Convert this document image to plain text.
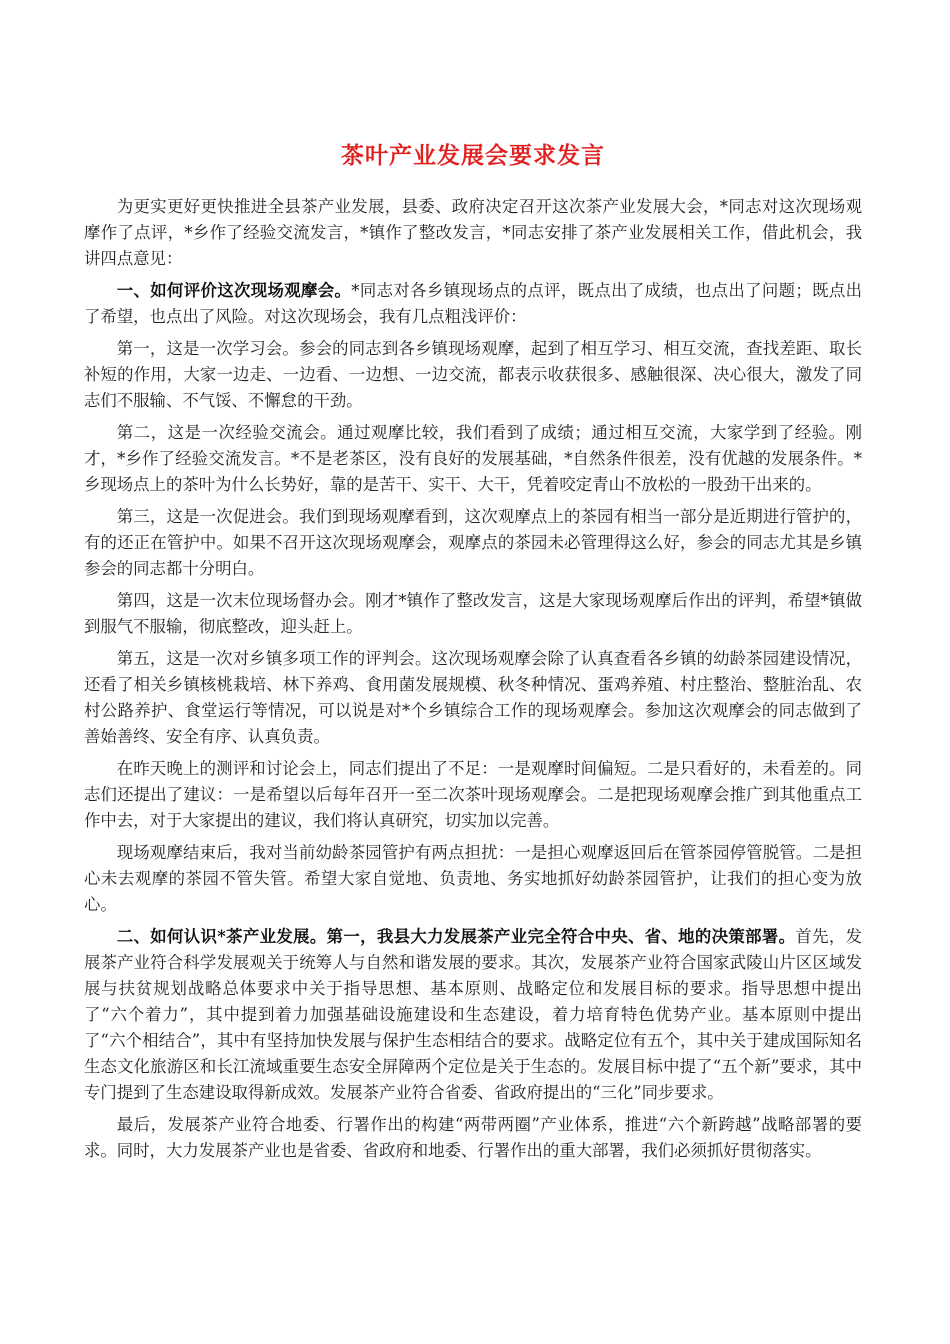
茶叶产业发展会要求发言

为更实更好更快推进全县茶产业发展，县委、政府决定召开这次茶产业发展大会，*同志对这次现场观摩作了点评，*乡作了经验交流发言，*镇作了整改发言，*同志安排了茶产业发展相关工作，借此机会，我讲四点意见：

一、如何评价这次现场观摩会。*同志对各乡镇现场点的点评，既点出了成绩，也点出了问题；既点出了希望，也点出了风险。对这次现场会，我有几点粗浅评价：

第一，这是一次学习会。参会的同志到各乡镇现场观摩，起到了相互学习、相互交流，查找差距、取长补短的作用，大家一边走、一边看、一边想、一边交流，都表示收获很多、感触很深、决心很大，激发了同志们不服输、不气馁、不懈怠的干劲。

第二，这是一次经验交流会。通过观摩比较，我们看到了成绩；通过相互交流，大家学到了经验。刚才，*乡作了经验交流发言。*不是老茶区，没有良好的发展基础，*自然条件很差，没有优越的发展条件。*乡现场点上的茶叶为什么长势好，靠的是苦干、实干、大干，凭着咬定青山不放松的一股劲干出来的。

第三，这是一次促进会。我们到现场观摩看到，这次观摩点上的茶园有相当一部分是近期进行管护的，有的还正在管护中。如果不召开这次现场观摩会，观摩点的茶园未必管理得这么好，参会的同志尤其是乡镇参会的同志都十分明白。

第四，这是一次末位现场督办会。刚才*镇作了整改发言，这是大家现场观摩后作出的评判，希望*镇做到服气不服输，彻底整改，迎头赶上。

第五，这是一次对乡镇多项工作的评判会。这次现场观摩会除了认真查看各乡镇的幼龄茶园建设情况，还看了相关乡镇核桃栽培、林下养鸡、食用菌发展规模、秋冬种情况、蛋鸡养殖、村庄整治、整脏治乱、农村公路养护、食堂运行等情况，可以说是对*个乡镇综合工作的现场观摩会。参加这次观摩会的同志做到了善始善终、安全有序、认真负责。

在昨天晚上的测评和讨论会上，同志们提出了不足：一是观摩时间偏短。二是只看好的，未看差的。同志们还提出了建议：一是希望以后每年召开一至二次茶叶现场观摩会。二是把现场观摩会推广到其他重点工作中去，对于大家提出的建议，我们将认真研究，切实加以完善。

现场观摩结束后，我对当前幼龄茶园管护有两点担扰：一是担心观摩返回后在管茶园停管脱管。二是担心未去观摩的茶园不管失管。希望大家自觉地、负责地、务实地抓好幼龄茶园管护，让我们的担心变为放心。

二、如何认识*茶产业发展。第一，我县大力发展茶产业完全符合中央、省、地的决策部署。首先，发展茶产业符合科学发展观关于统筹人与自然和谐发展的要求。其次，发展茶产业符合国家武陵山片区区域发展与扶贫规划战略总体要求中关于指导思想、基本原则、战略定位和发展目标的要求。指导思想中提出了“六个着力”，其中提到着力加强基础设施建设和生态建设，着力培育特色优势产业。基本原则中提出了“六个相结合”，其中有坚持加快发展与保护生态相结合的要求。战略定位有五个，其中关于建成国际知名生态文化旅游区和长江流域重要生态安全屏障两个定位是关于生态的。发展目标中提了“五个新”要求，其中专门提到了生态建设取得新成效。发展茶产业符合省委、省政府提出的“三化”同步要求。

最后，发展茶产业符合地委、行署作出的构建“两带两圈”产业体系，推进“六个新跨越”战略部署的要求。同时，大力发展茶产业也是省委、省政府和地委、行署作出的重大部署，我们必须抓好贯彻落实。
